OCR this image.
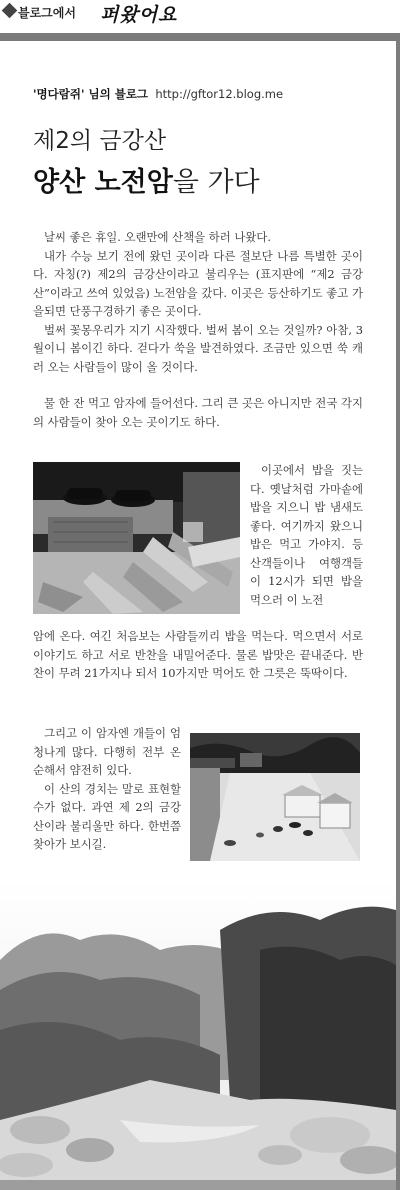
블로그에서 퍼왔어요
'명다람쥐' 님의 블로그 http://gftor12.blog.me
제2의 금강산
양산 노전암을 가다

날씨 좋은 휴일. 오랜만에 산책을 하러 나왔다.

내가 수능 보기 전에 왔던 곳이라 다른 절보단 나름 특별한 곳이다. 자칭(?) 제2의 금강산이라고 불리우는 (표지판에 “제2 금강산”이라고 쓰여 있었음) 노전암을 갔다. 이곳은 등산하기도 좋고 가을되면 단풍구경하기 좋은 곳이다.

벌써 꽃몽우리가 지기 시작했다. 벌써 봄이 오는 것일까? 아참, 3월이니 봄이긴 하다. 걷다가 쑥을 발견하였다. 조금만 있으면 쑥 캐러 오는 사람들이 많이 올 것이다.

물 한 잔 먹고 암자에 들어선다. 그리 큰 곳은 아니지만 전국 각지의 사람들이 찾아 오는 곳이기도 하다.

이곳에서 밥을 짓는다. 옛날처럼 가마솥에 밥을 지으니 밥 냄새도 좋다. 여기까지 왔으니 밥은 먹고 가야지. 등산객들이나 여행객들이 12시가 되면 밥을 먹으러 이 노전

암에 온다. 여긴 처음보는 사람들끼리 밥을 먹는다. 먹으면서 서로 이야기도 하고 서로 반찬을 내밀어준다. 물론 밥맛은 끝내준다. 반찬이 무려 21가지나 되서 10가지만 먹어도 한 그릇은 뚝딱이다.

그리고 이 암자엔 개들이 엄청나게 많다. 다행히 전부 온순해서 얌전히 있다.

이 산의 경치는 말로 표현할 수가 없다. 과연 제 2의 금강산이라 불리울만 하다. 한번쯤 찾아가 보시길.
